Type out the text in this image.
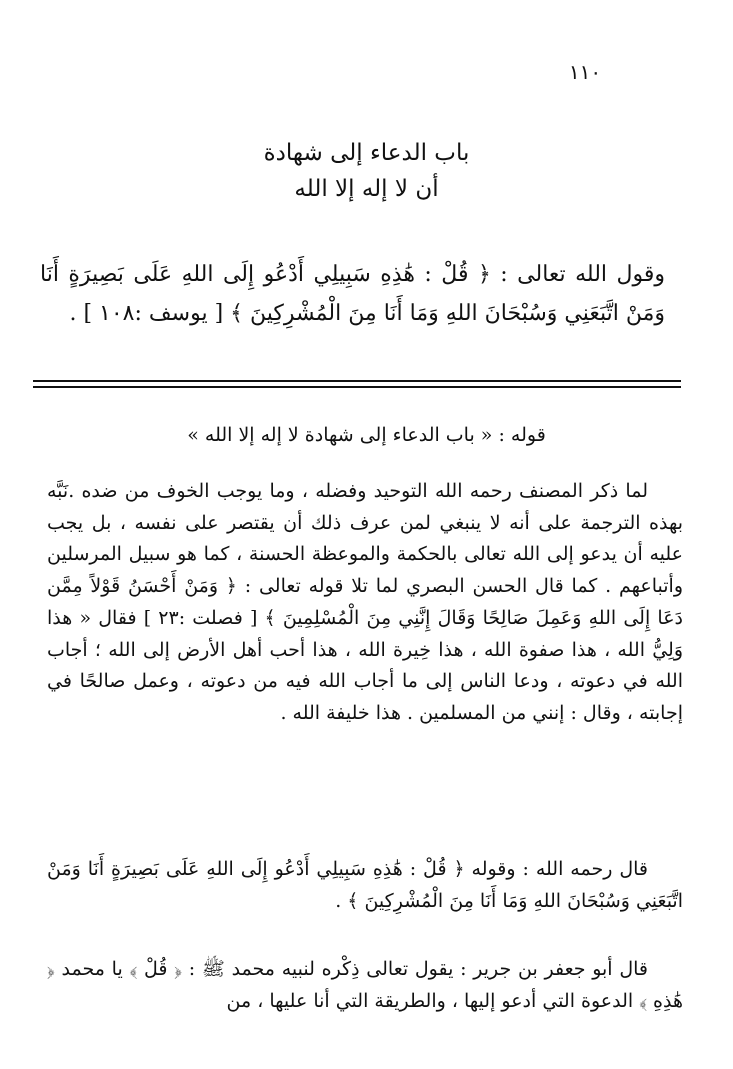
١١٠
باب الدعاء إلى شهادة
أن لا إله إلا الله
وقول الله تعالى : ﴿ قُلْ : هَٰذِهِ سَبِيلِي أَدْعُو إِلَى اللهِ عَلَى بَصِيرَةٍ أَنَا وَمَنْ اتَّبَعَنِي وَسُبْحَانَ اللهِ وَمَا أَنَا مِنَ الْمُشْرِكِينَ ﴾ [ يوسف :١٠٨ ] .
قوله : « باب الدعاء إلى شهادة لا إله إلا الله »

لما ذكر المصنف رحمه الله التوحيد وفضله ، وما يوجب الخوف من ضده .نَبَّه بهذه الترجمة على أنه لا ينبغي لمن عرف ذلك أن يقتصر على نفسه ، بل يجب عليه أن يدعو إلى الله تعالى بالحكمة والموعظة الحسنة ، كما هو سبيل المرسلين وأتباعهم . كما قال الحسن البصري لما تلا قوله تعالى : ﴿ وَمَنْ أَحْسَنُ قَوْلاً مِمَّن دَعَا إِلَى اللهِ وَعَمِلَ صَالِحًا وَقَالَ إِنَّنِي مِنَ الْمُسْلِمِينَ ﴾ [ فصلت :٢٣ ] فقال « هذا وَلِيُّ الله ، هذا صفوة الله ، هذا خِيرة الله ، هذا أحب أهل الأرض إلى الله ؛ أجاب الله في دعوته ، ودعا الناس إلى ما أجاب الله فيه من دعوته ، وعمل صالحًا في إجابته ، وقال : إنني من المسلمين . هذا خليفة الله .

قال رحمه الله : وقوله ﴿ قُلْ : هَٰذِهِ سَبِيلِي أَدْعُو إِلَى اللهِ عَلَى بَصِيرَةٍ أَنَا وَمَنْ اتَّبَعَنِي وَسُبْحَانَ اللهِ وَمَا أَنَا مِنَ الْمُشْرِكِينَ ﴾ .

قال أبو جعفر بن جرير : يقول تعالى ذِكْره لنبيه محمد ﷺ : ﴿ قُلْ ﴾ يا محمد ﴿ هَٰذِهِ ﴾ الدعوة التي أدعو إليها ، والطريقة التي أنا عليها ، من
